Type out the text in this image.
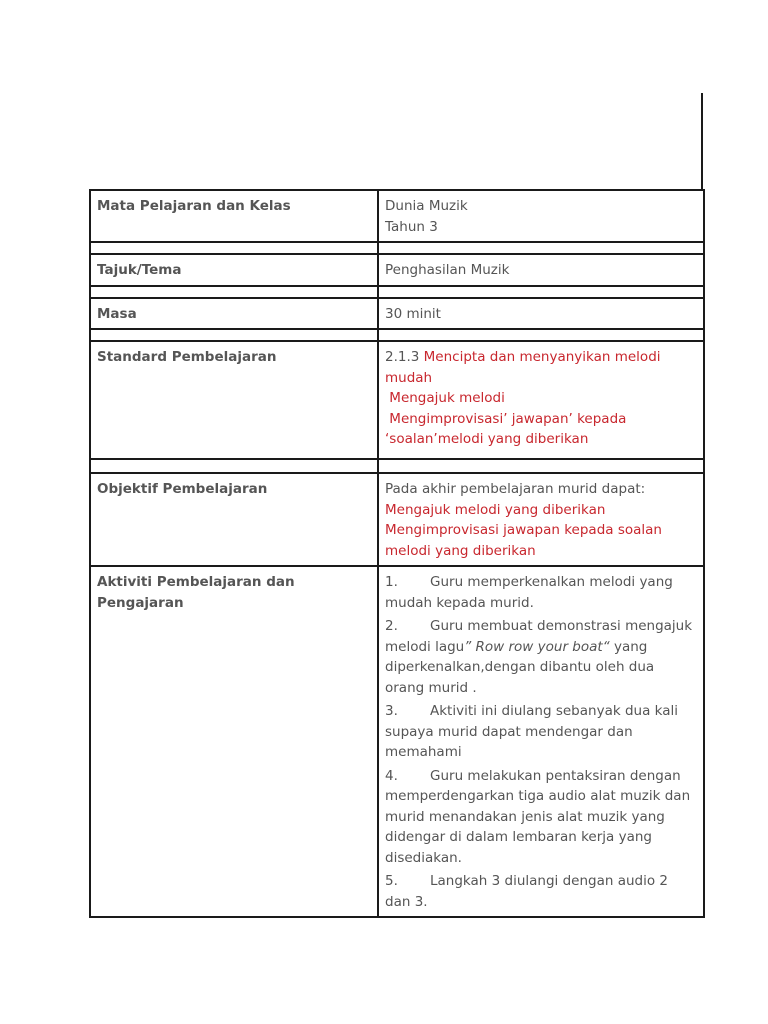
Mata Pelajaran dan Kelas	Dunia Muzik
Tahun 3

Tajuk/Tema	Penghasilan Muzik

Masa	30 minit

Standard Pembelajaran	2.1.3 Mencipta dan menyanyikan melodi mudah
Mengajuk melodi
Mengimprovisasi’ jawapan’ kepada ‘soalan’melodi yang diberikan

Objektif Pembelajaran	Pada akhir pembelajaran murid dapat:
Mengajuk melodi yang diberikan
Mengimprovisasi jawapan kepada soalan melodi yang diberikan

Aktiviti Pembelajaran dan Pengajaran	1. Guru memperkenalkan melodi yang mudah kepada murid.
2. Guru membuat demonstrasi mengajuk melodi lagu” Row row your boat“ yang diperkenalkan,dengan dibantu oleh dua orang murid .
3. Aktiviti ini diulang sebanyak dua kali supaya murid dapat mendengar dan memahami
4. Guru melakukan pentaksiran dengan memperdengarkan tiga audio alat muzik dan murid menandakan jenis alat muzik yang didengar di dalam lembaran kerja yang disediakan.
5. Langkah 3 diulangi dengan audio 2 dan 3.
